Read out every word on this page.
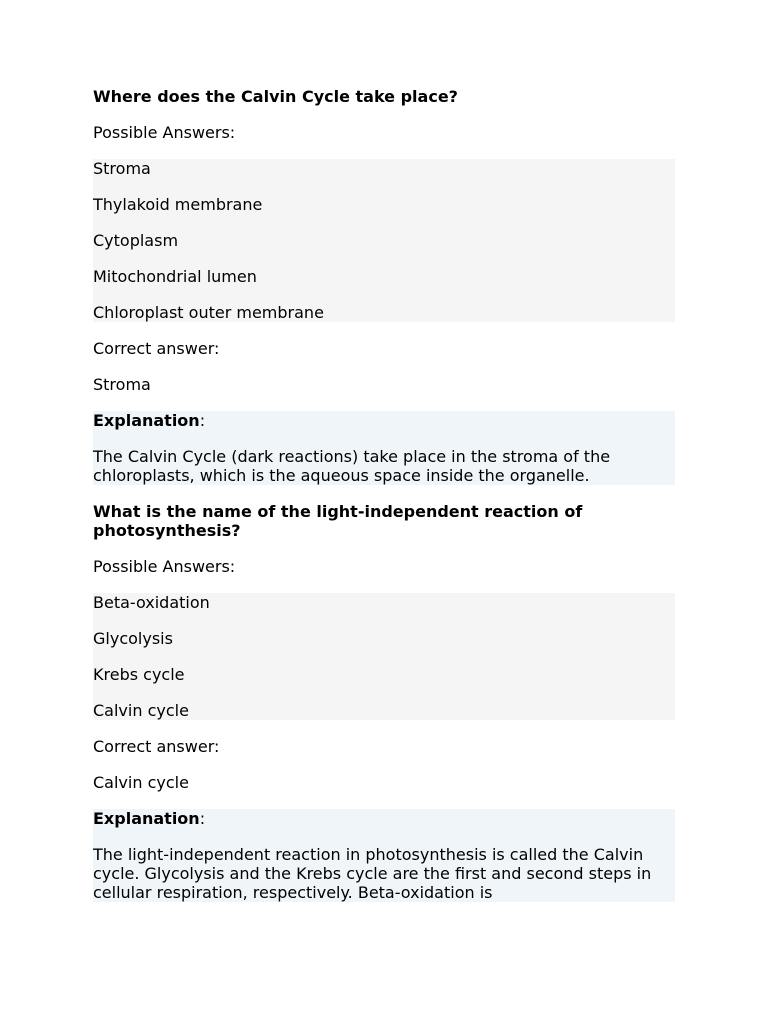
Where does the Calvin Cycle take place?

Possible Answers:

Stroma

Thylakoid membrane

Cytoplasm

Mitochondrial lumen

Chloroplast outer membrane

Correct answer:

Stroma

Explanation:

The Calvin Cycle (dark reactions) take place in the stroma of the chloroplasts, which is the aqueous space inside the organelle.

What is the name of the light-independent reaction of photosynthesis?

Possible Answers:

Beta-oxidation

Glycolysis

Krebs cycle

Calvin cycle

Correct answer:

Calvin cycle

Explanation:

The light-independent reaction in photosynthesis is called the Calvin cycle. Glycolysis and the Krebs cycle are the first and second steps in cellular respiration, respectively. Beta-oxidation is
